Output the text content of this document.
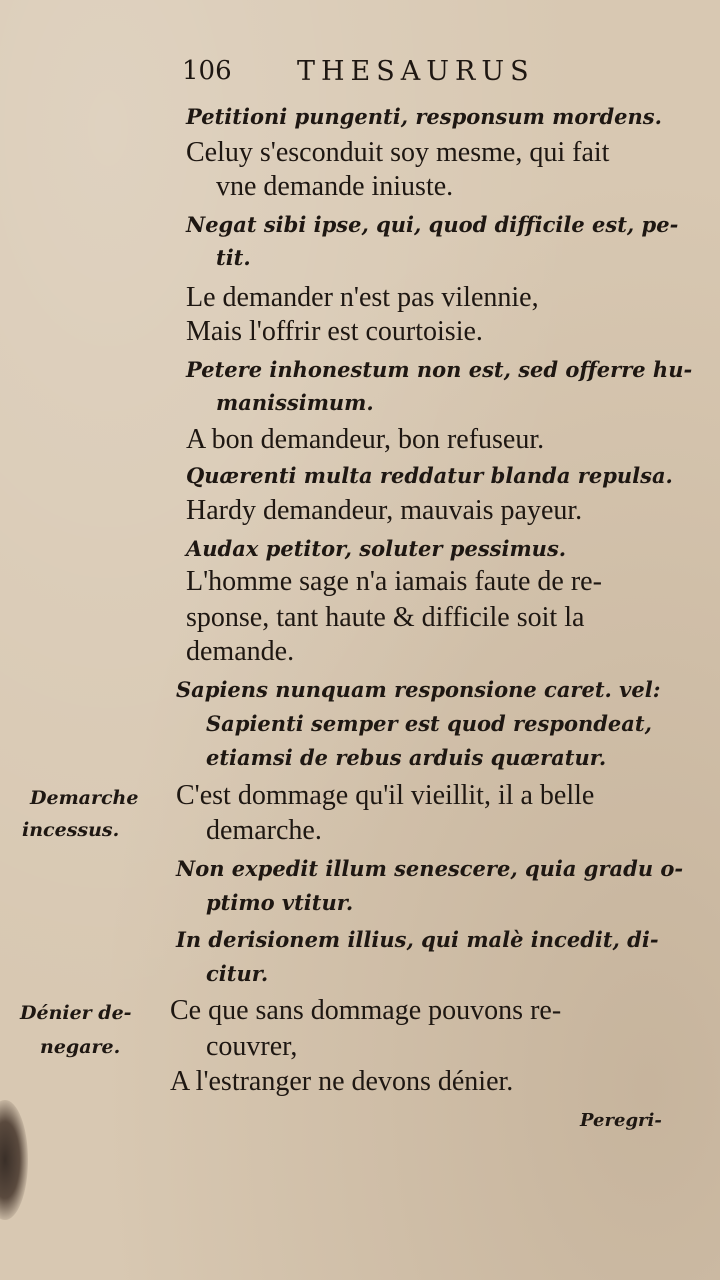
106 THESAURUS
Petitioni pungenti, responsum mordens.
Celuy s'esconduit soy mesme, qui fait
vne demande iniuste.
Negat sibi ipse, qui, quod difficile est, pe-
tit.
Le demander n'est pas vilennie,
Mais l'offrir est courtoisie.
Petere inhonestum non est, sed offerre hu-
manissimum.
A bon demandeur, bon refuseur.
Quærenti multa reddatur blanda repulsa.
Hardy demandeur, mauvais payeur.
Audax petitor, soluter pessimus.
L'homme sage n'a iamais faute de re-
sponse, tant haute & difficile soit la
demande.
Sapiens nunquam responsione caret. vel:
Sapienti semper est quod respondeat,
etiamsi de rebus arduis quæratur.
C'est dommage qu'il vieillit, il a belle
demarche.
Non expedit illum senescere, quia gradu o-
ptimo vtitur.
In derisionem illius, qui malè incedit, di-
citur.
Ce que sans dommage pouvons re-
couvrer,
A l'estranger ne devons dénier.
Demarche
incessus.
Dénier de-
negare.
Peregri-
